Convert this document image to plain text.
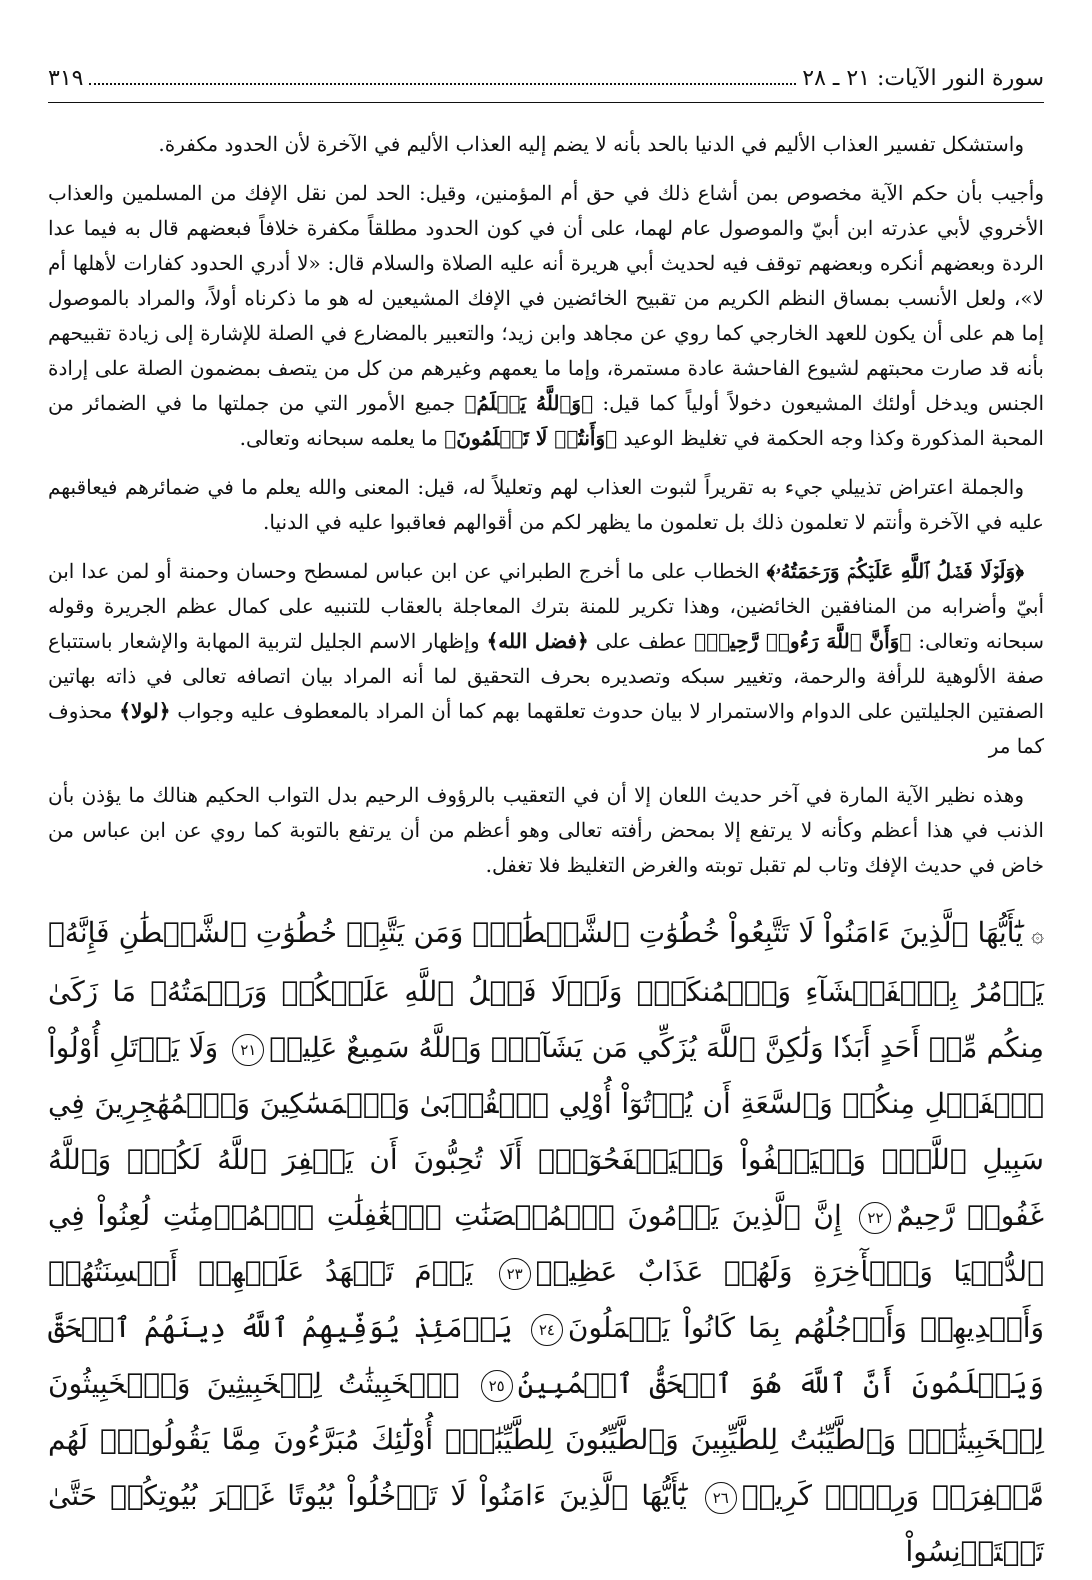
سورة النور الآيات: ٢١ ـ ٢٨
٣١٩

واستشكل تفسير العذاب الأليم في الدنيا بالحد بأنه لا يضم إليه العذاب الأليم في الآخرة لأن الحدود مكفرة.

وأجيب بأن حكم الآية مخصوص بمن أشاع ذلك في حق أم المؤمنين، وقيل: الحد لمن نقل الإفك من المسلمين والعذاب الأخروي لأبي عذرته ابن أبيّ والموصول عام لهما، على أن في كون الحدود مطلقاً مكفرة خلافاً فبعضهم قال به فيما عدا الردة وبعضهم أنكره وبعضهم توقف فيه لحديث أبي هريرة أنه عليه الصلاة والسلام قال: «لا أدري الحدود كفارات لأهلها أم لا»، ولعل الأنسب بمساق النظم الكريم من تقبيح الخائضين في الإفك المشيعين له هو ما ذكرناه أولاً، والمراد بالموصول إما هم على أن يكون للعهد الخارجي كما روي عن مجاهد وابن زيد؛ والتعبير بالمضارع في الصلة للإشارة إلى زيادة تقبيحهم بأنه قد صارت محبتهم لشيوع الفاحشة عادة مستمرة، وإما ما يعمهم وغيرهم من كل من يتصف بمضمون الصلة على إرادة الجنس ويدخل أولئك المشيعون دخولاً أولياً كما قيل: ﴿وَٱللَّهُ يَعۡلَمُ﴾ جميع الأمور التي من جملتها ما في الضمائر من المحبة المذكورة وكذا وجه الحكمة في تغليظ الوعيد ﴿وَأَنتُمۡ لَا تَعۡلَمُونَ﴾ ما يعلمه سبحانه وتعالى.

والجملة اعتراض تذييلي جيء به تقريراً لثبوت العذاب لهم وتعليلاً له، قيل: المعنى والله يعلم ما في ضمائرهم فيعاقبهم عليه في الآخرة وأنتم لا تعلمون ذلك بل تعلمون ما يظهر لكم من أقوالهم فعاقبوا عليه في الدنيا.

﴿وَلَوۡلَا فَضۡلُ ٱللَّهِ عَلَيۡكُمۡ وَرَحۡمَتُهُۥ﴾ الخطاب على ما أخرج الطبراني عن ابن عباس لمسطح وحسان وحمنة أو لمن عدا ابن أبيّ وأضرابه من المنافقين الخائضين، وهذا تكرير للمنة بترك المعاجلة بالعقاب للتنبيه على كمال عظم الجريرة وقوله سبحانه وتعالى: ﴿وَأَنَّ ٱللَّهَ رَءُوفٞ رَّحِيمٞ﴾ عطف على ﴿فضل الله﴾ وإظهار الاسم الجليل لتربية المهابة والإشعار باستتباع صفة الألوهية للرأفة والرحمة، وتغيير سبكه وتصديره بحرف التحقيق لما أنه المراد بيان اتصافه تعالى في ذاته بهاتين الصفتين الجليلتين على الدوام والاستمرار لا بيان حدوث تعلقهما بهم كما أن المراد بالمعطوف عليه وجواب ﴿لولا﴾ محذوف كما مر

وهذه نظير الآية المارة في آخر حديث اللعان إلا أن في التعقيب بالرؤوف الرحيم بدل التواب الحكيم هنالك ما يؤذن بأن الذنب في هذا أعظم وكأنه لا يرتفع إلا بمحض رأفته تعالى وهو أعظم من أن يرتفع بالتوبة كما روي عن ابن عباس من خاض في حديث الإفك وتاب لم تقبل توبته والغرض التغليظ فلا تغفل.

۞يَٰٓأَيُّهَا ٱلَّذِينَ ءَامَنُواْ لَا تَتَّبِعُواْ خُطُوَٰتِ ٱلشَّيۡطَٰنِۚ وَمَن يَتَّبِعۡ خُطُوَٰتِ ٱلشَّيۡطَٰنِ فَإِنَّهُۥ يَأۡمُرُ بِٱلۡفَحۡشَآءِ وَٱلۡمُنكَرِۚ وَلَوۡلَا فَضۡلُ ٱللَّهِ عَلَيۡكُمۡ وَرَحۡمَتُهُۥ مَا زَكَىٰ مِنكُم مِّنۡ أَحَدٍ أَبَدٗا وَلَٰكِنَّ ٱللَّهَ يُزَكِّي مَن يَشَآءُۗ وَٱللَّهُ سَمِيعٌ عَلِيمٞ٢١ وَلَا يَأۡتَلِ أُوْلُواْ ٱلۡفَضۡلِ مِنكُمۡ وَٱلسَّعَةِ أَن يُؤۡتُوٓاْ أُوْلِي ٱلۡقُرۡبَىٰ وَٱلۡمَسَٰكِينَ وَٱلۡمُهَٰجِرِينَ فِي سَبِيلِ ٱللَّهِۖ وَلۡيَعۡفُواْ وَلۡيَصۡفَحُوٓاْۗ أَلَا تُحِبُّونَ أَن يَغۡفِرَ ٱللَّهُ لَكُمۡۚ وَٱللَّهُ غَفُورٞ رَّحِيمٌ٢٢ إِنَّ ٱلَّذِينَ يَرۡمُونَ ٱلۡمُحۡصَنَٰتِ ٱلۡغَٰفِلَٰتِ ٱلۡمُؤۡمِنَٰتِ لُعِنُواْ فِي ٱلدُّنۡيَا وَٱلۡأٓخِرَةِ وَلَهُمۡ عَذَابٌ عَظِيمٞ٢٣ يَوۡمَ تَشۡهَدُ عَلَيۡهِمۡ أَلۡسِنَتُهُمۡ وَأَيۡدِيهِمۡ وَأَرۡجُلُهُم بِمَا كَانُواْ يَعۡمَلُونَ٢٤ يَوۡمَئِذٖ يُوَفِّيهِمُ ٱللَّهُ دِينَهُمُ ٱلۡحَقَّ وَيَعۡلَمُونَ أَنَّ ٱللَّهَ هُوَ ٱلۡحَقُّ ٱلۡمُبِينُ٢٥ ٱلۡخَبِيثَٰتُ لِلۡخَبِيثِينَ وَٱلۡخَبِيثُونَ لِلۡخَبِيثَٰتِۖ وَٱلطَّيِّبَٰتُ لِلطَّيِّبِينَ وَٱلطَّيِّبُونَ لِلطَّيِّبَٰتِۚ أُوْلَٰٓئِكَ مُبَرَّءُونَ مِمَّا يَقُولُونَۖ لَهُم مَّغۡفِرَةٞ وَرِزۡقٞ كَرِيمٞ٢٦ يَٰٓأَيُّهَا ٱلَّذِينَ ءَامَنُواْ لَا تَدۡخُلُواْ بُيُوتًا غَيۡرَ بُيُوتِكُمۡ حَتَّىٰ تَسۡتَأۡنِسُواْ
